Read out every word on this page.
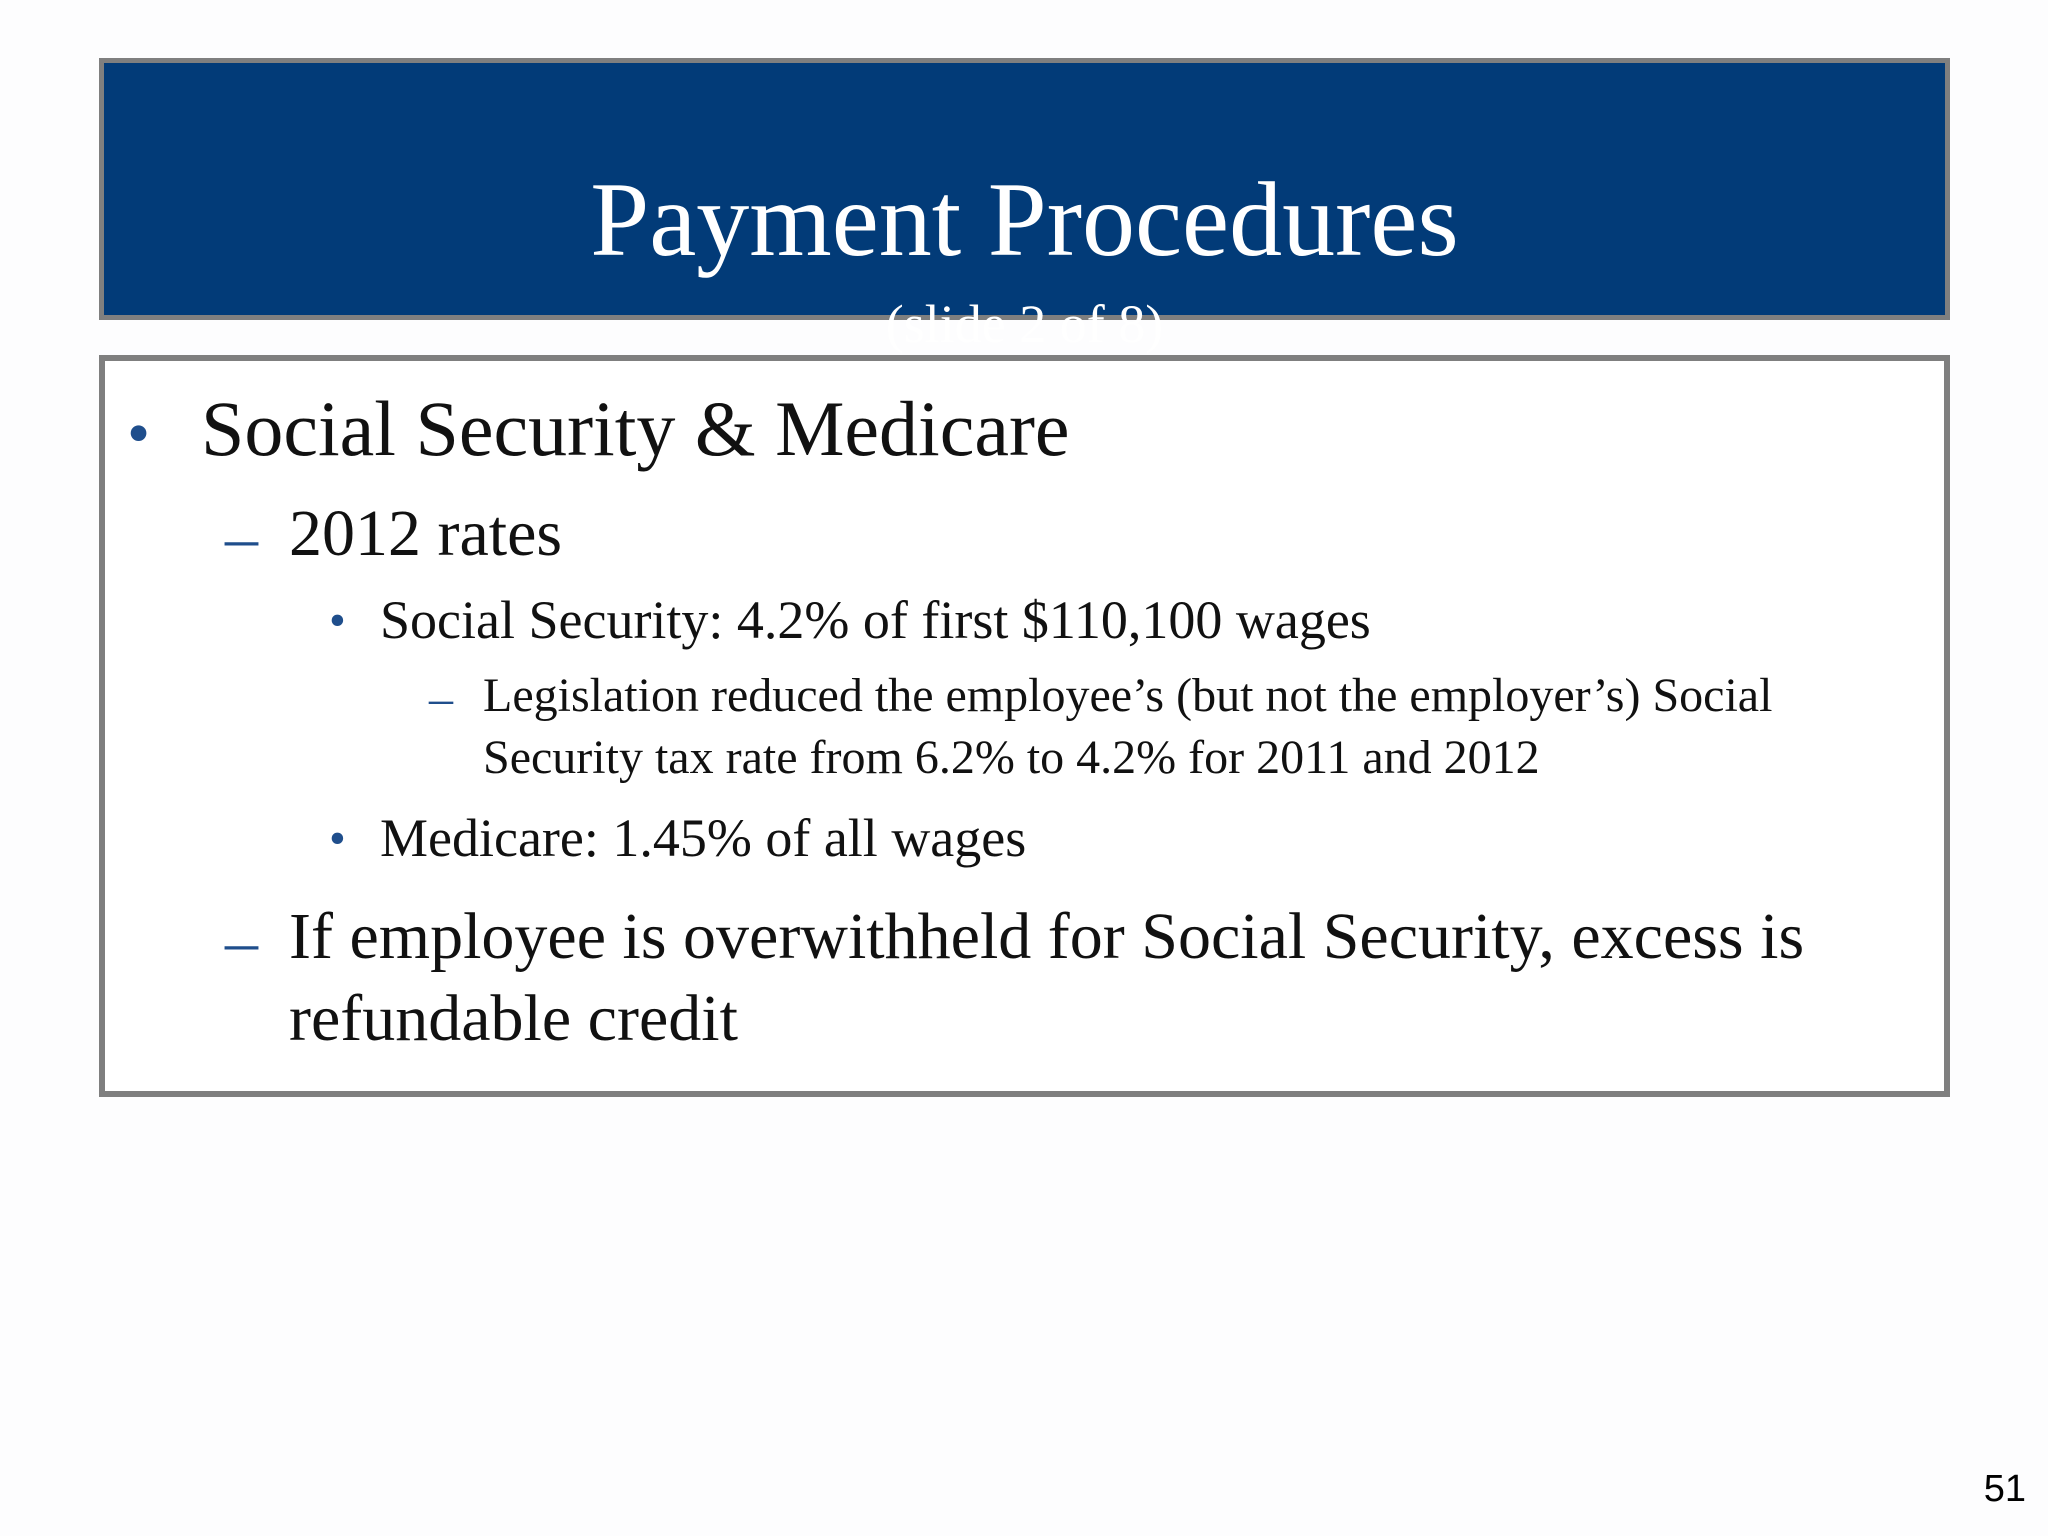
Payment Procedures
(slide 2 of 8)
• Social Security & Medicare
– 2012 rates
• Social Security: 4.2% of first $110,100 wages
– Legislation reduced the employee’s (but not the employer’s) Social Security tax rate from 6.2% to 4.2% for 2011 and 2012
• Medicare: 1.45% of all wages
– If employee is overwithheld for Social Security, excess is refundable credit
51
